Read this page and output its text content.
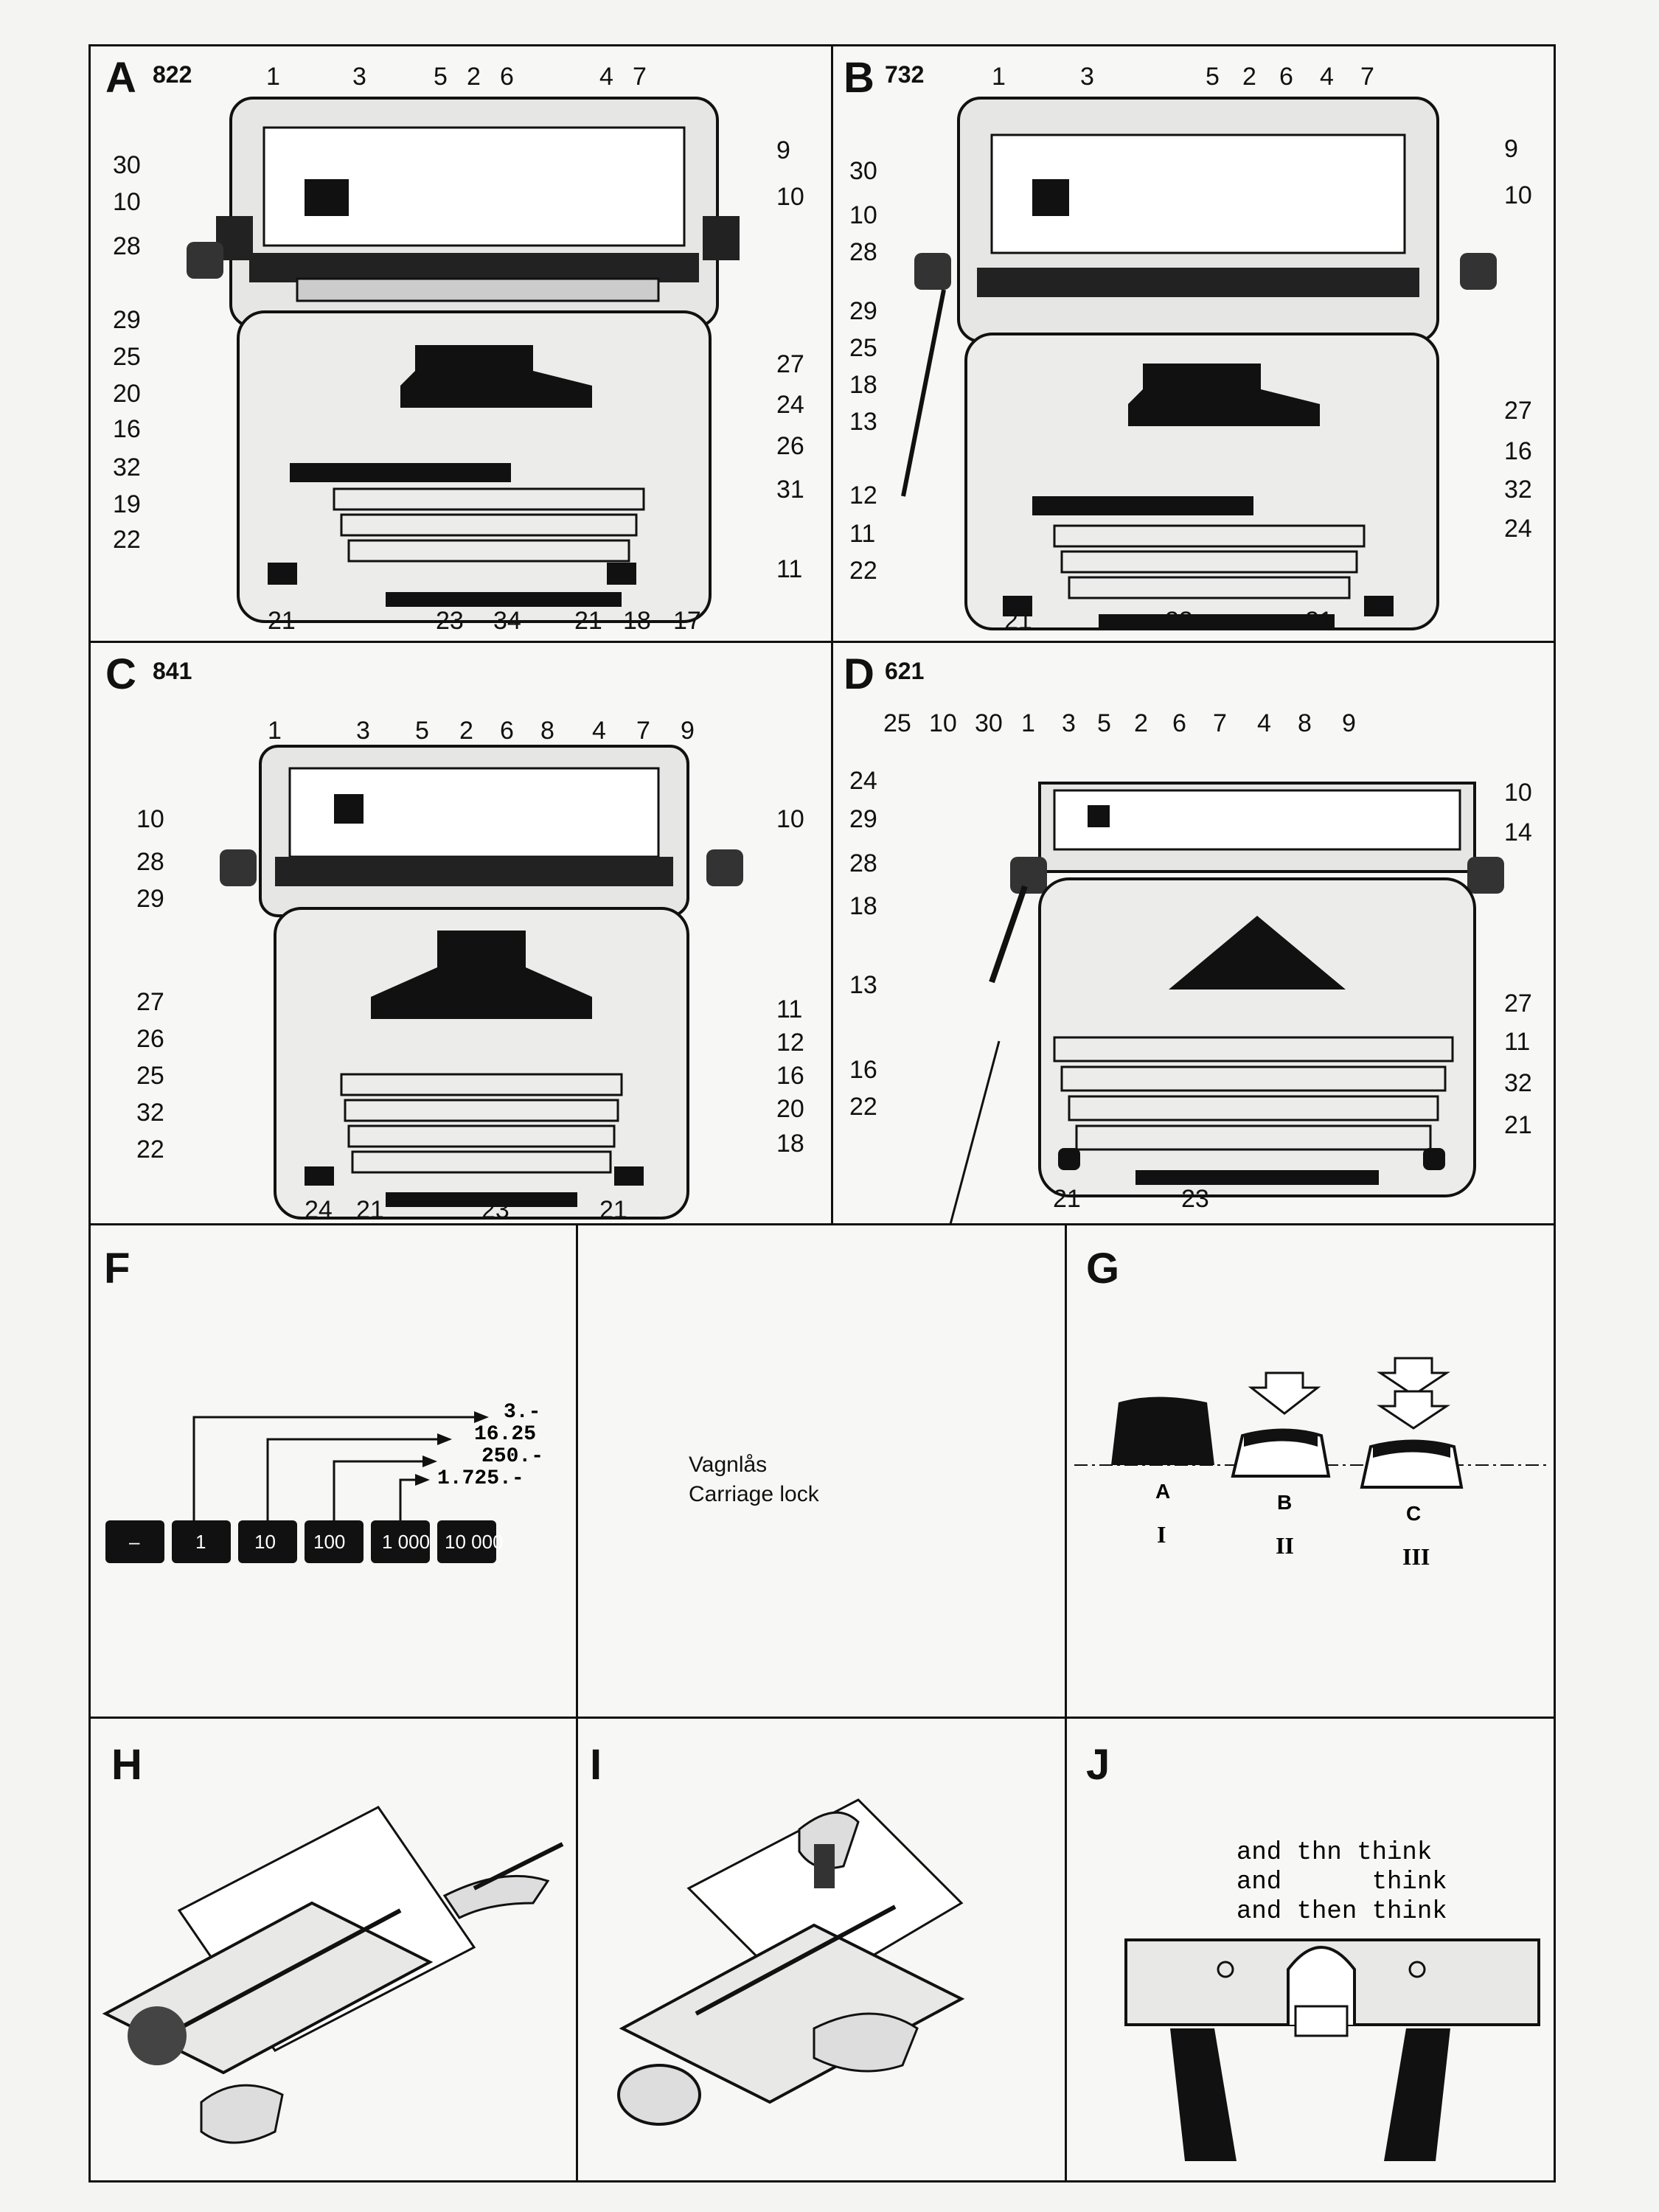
A 822	1	3	5 2 6	4 7
30
10
28
29
25
20
16
32
19
22
9
10
27
24
26
31
11
21	23 34 21 18 17
B 732	1	3	5 2 6 4 7
30
10
28
29
25
18
13
12
11
22
9
10
27
16
32
24
21	23	21
C 841
1	3 5 2 6 8 4 7 9
10
28
29
27
26
25
32
22
10
11
12
16
20
18
24 21	23	21
D 621
25 10 30 1 3 5 2 6 7 4 8 9
24
29
28
18
13
16
22
10
14
27
11
32
21
21	23
F
3.-
16.25
250.-
1.725.-
–	1	10 100 1 000 10 000
Vagnlås
Carriage lock
G
A	B	C
I	II	III
H	I	J
and thn think
and      think
and then think
